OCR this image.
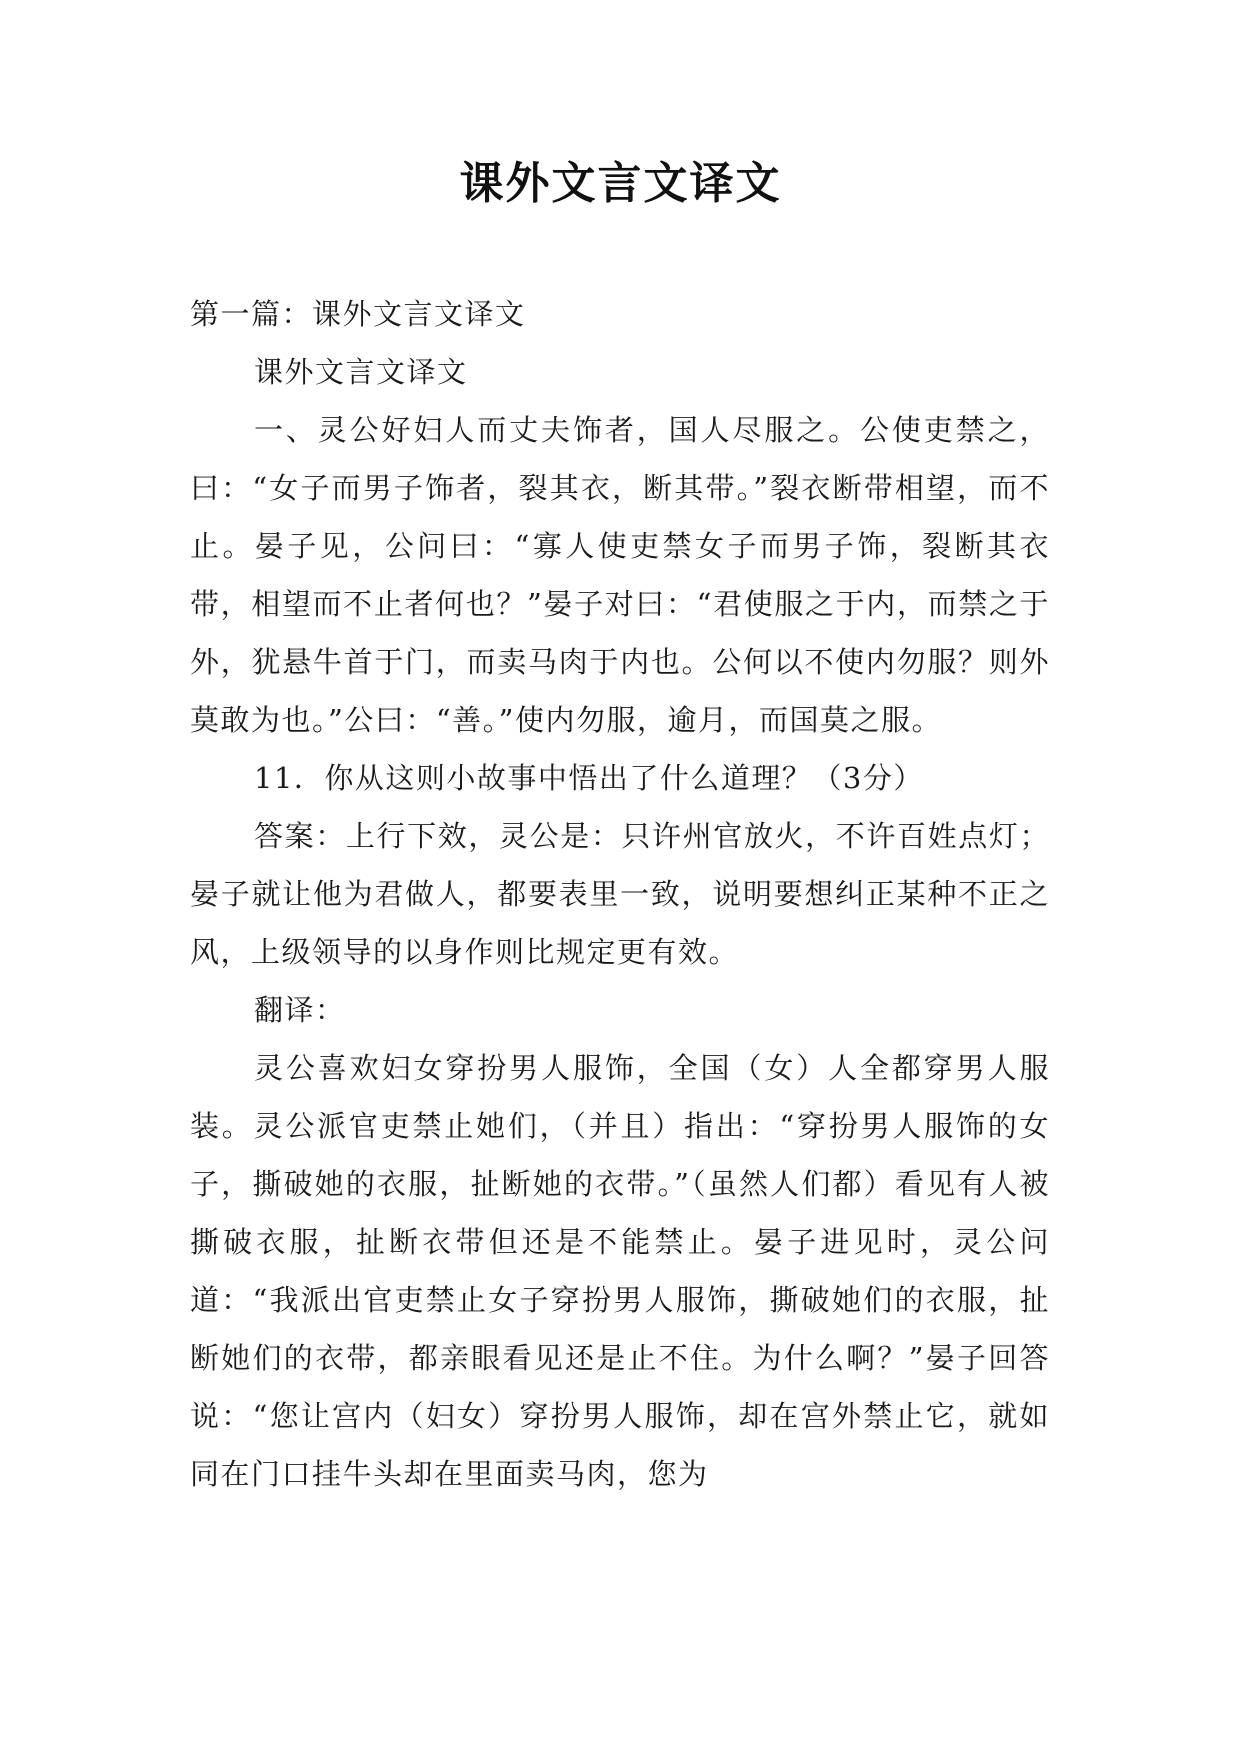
课外文言文译文

第一篇：课外文言文译文

课外文言文译文

一、灵公好妇人而丈夫饰者，国人尽服之。公使吏禁之，曰：“女子而男子饰者，裂其衣，断其带。”裂衣断带相望，而不止。晏子见，公问曰：“寡人使吏禁女子而男子饰，裂断其衣带，相望而不止者何也？”晏子对曰：“君使服之于内，而禁之于外，犹悬牛首于门，而卖马肉于内也。公何以不使内勿服？则外莫敢为也。”公曰：“善。”使内勿服，逾月，而国莫之服。

11．你从这则小故事中悟出了什么道理？（3分）

答案：上行下效，灵公是：只许州官放火，不许百姓点灯；晏子就让他为君做人，都要表里一致，说明要想纠正某种不正之风，上级领导的以身作则比规定更有效。

翻译：

灵公喜欢妇女穿扮男人服饰，全国（女）人全都穿男人服装。灵公派官吏禁止她们，（并且）指出：“穿扮男人服饰的女子，撕破她的衣服，扯断她的衣带。”（虽然人们都）看见有人被撕破衣服，扯断衣带但还是不能禁止。晏子进见时，灵公问道：“我派出官吏禁止女子穿扮男人服饰，撕破她们的衣服，扯断她们的衣带，都亲眼看见还是止不住。为什么啊？”晏子回答说：“您让宫内（妇女）穿扮男人服饰，却在宫外禁止它，就如同在门口挂牛头却在里面卖马肉，您为
